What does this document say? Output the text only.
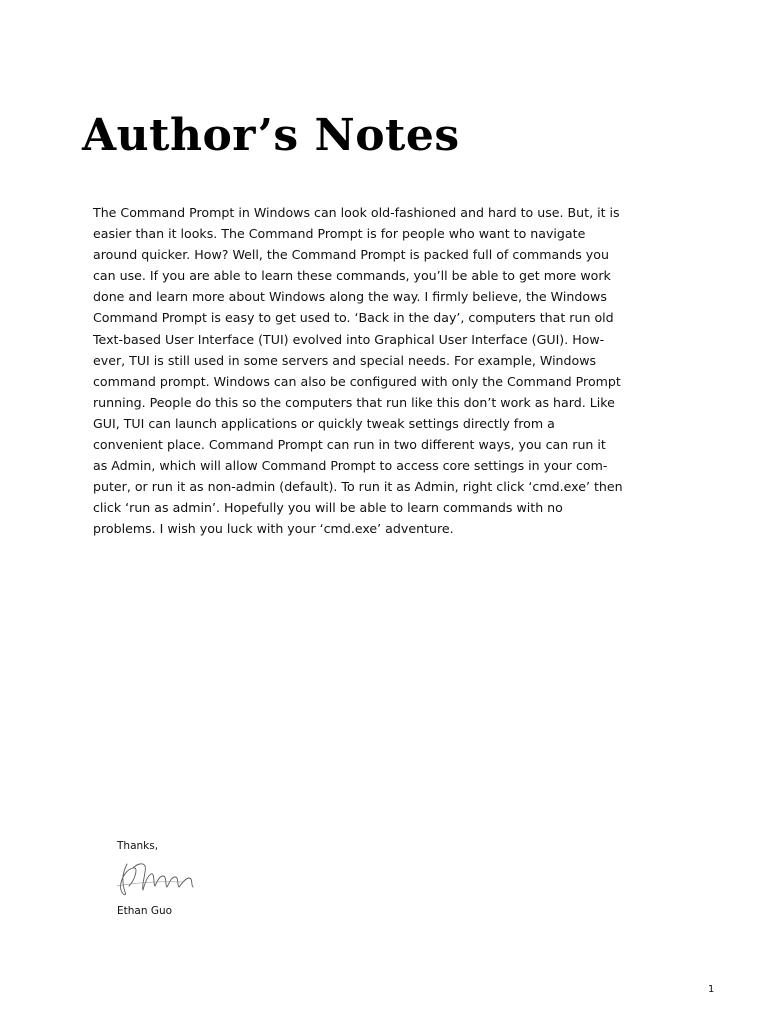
Author’s Notes

The Command Prompt in Windows can look old-fashioned and hard to use. But, it is easier than it looks. The Command Prompt is for people who want to navigate around quicker. How? Well, the Command Prompt is packed full of commands you can use. If you are able to learn these commands, you’ll be able to get more work done and learn more about Windows along the way. I firmly believe, the Windows Command Prompt is easy to get used to. ‘Back in the day’, computers that run old Text-based User Interface (TUI) evolved into Graphical User Interface (GUI). How-ever, TUI is still used in some servers and special needs. For example, Windows command prompt. Windows can also be configured with only the Command Prompt running. People do this so the computers that run like this don’t work as hard. Like GUI, TUI can launch applications or quickly tweak settings directly from a convenient place. Command Prompt can run in two different ways, you can run it as Admin, which will allow Command Prompt to access core settings in your com-puter, or run it as non-admin (default). To run it as Admin, right click ‘cmd.exe’ then click ‘run as admin’. Hopefully you will be able to learn commands with no problems. I wish you luck with your ‘cmd.exe’ adventure.

Thanks,
Ethan Guo
1
